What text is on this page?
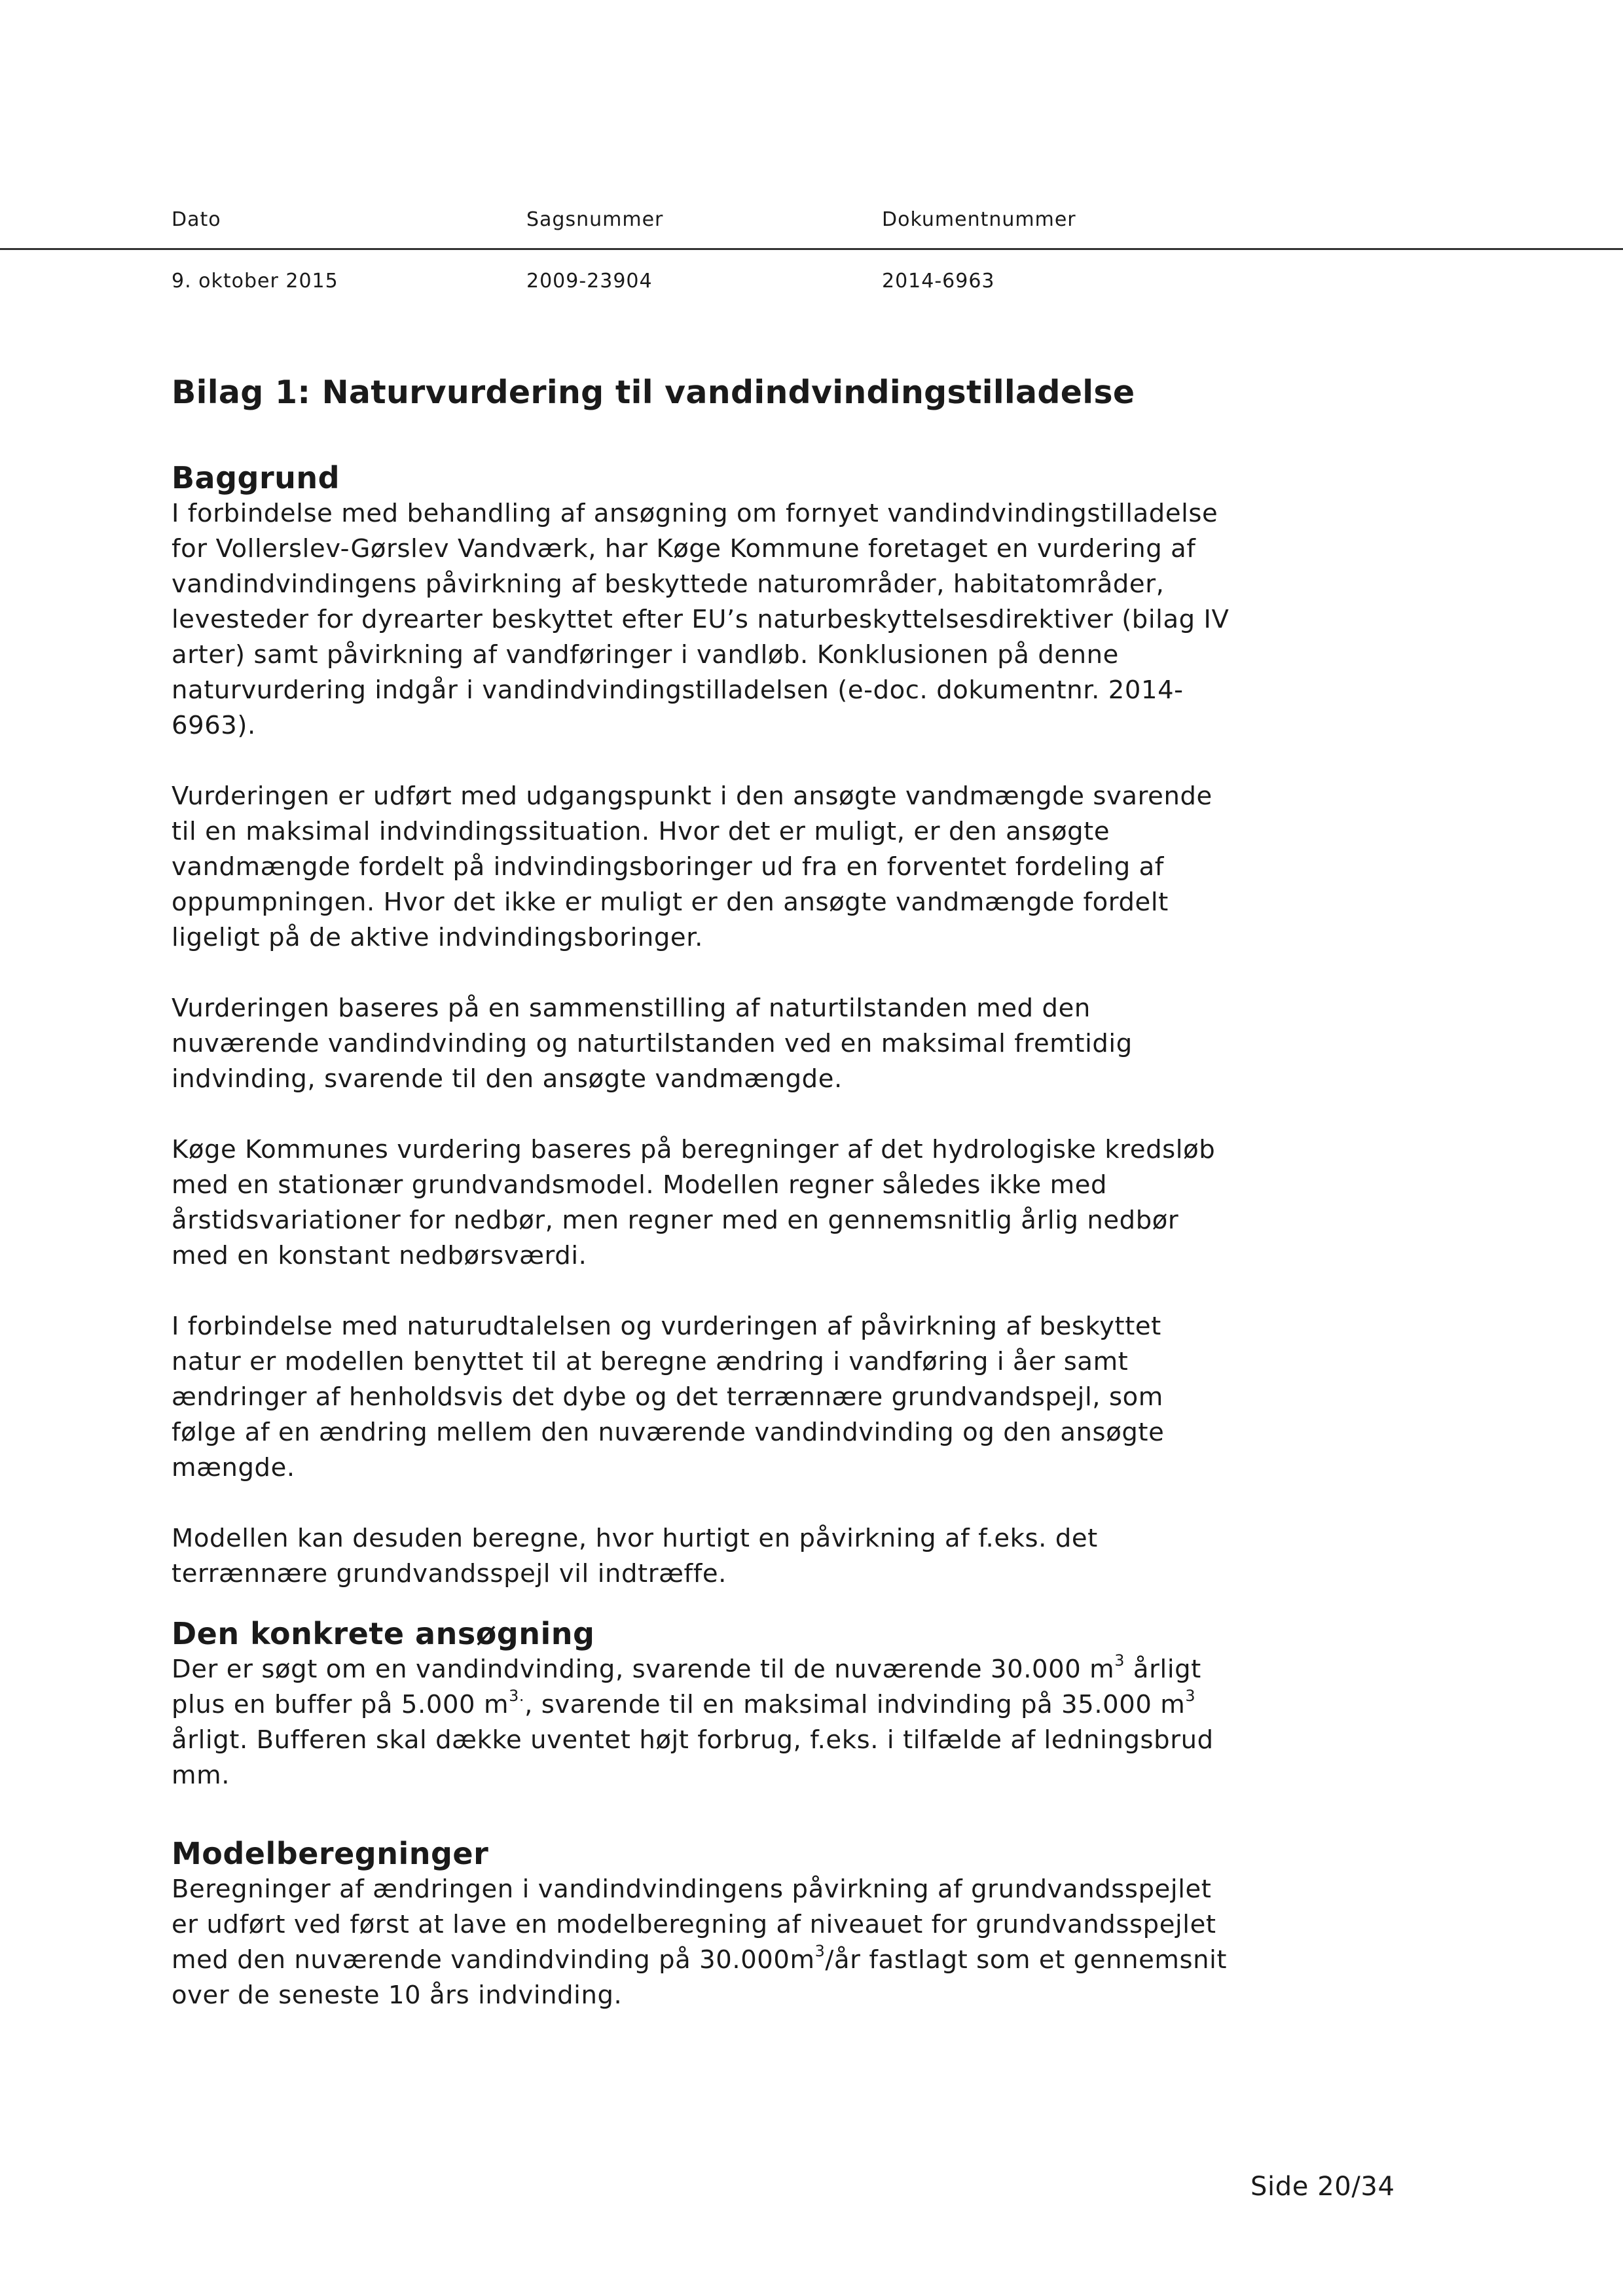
Dato	Sagsnummer	Dokumentnummer
9. oktober 2015	2009-23904	2014-6963
Bilag 1: Naturvurdering til vandindvindingstilladelse
Baggrund

I forbindelse med behandling af ansøgning om fornyet vandindvindingstilladelse for Vollerslev-Gørslev Vandværk, har Køge Kommune foretaget en vurdering af vandindvindingens påvirkning af beskyttede naturområder, habitatområder, levesteder for dyrearter beskyttet efter EU’s naturbeskyttelsesdirektiver (bilag IV arter) samt påvirkning af vandføringer i vandløb. Konklusionen på denne naturvurdering indgår i vandindvindingstilladelsen (e-doc. dokumentnr. 2014-6963).

Vurderingen er udført med udgangspunkt i den ansøgte vandmængde svarende til en maksimal indvindingssituation. Hvor det er muligt, er den ansøgte vandmængde fordelt på indvindingsboringer ud fra en forventet fordeling af oppumpningen. Hvor det ikke er muligt er den ansøgte vandmængde fordelt ligeligt på de aktive indvindingsboringer.

Vurderingen baseres på en sammenstilling af naturtilstanden med den nuværende vandindvinding og naturtilstanden ved en maksimal fremtidig indvinding, svarende til den ansøgte vandmængde.

Køge Kommunes vurdering baseres på beregninger af det hydrologiske kredsløb med en stationær grundvandsmodel. Modellen regner således ikke med årstidsvariationer for nedbør, men regner med en gennemsnitlig årlig nedbør med en konstant nedbørsværdi.

I forbindelse med naturudtalelsen og vurderingen af påvirkning af beskyttet natur er modellen benyttet til at beregne ændring i vandføring i åer samt ændringer af henholdsvis det dybe og det terrænnære grundvandspejl, som følge af en ændring mellem den nuværende vandindvinding og den ansøgte mængde.

Modellen kan desuden beregne, hvor hurtigt en påvirkning af f.eks. det terrænnære grundvandsspejl vil indtræffe.

Den konkrete ansøgning

Der er søgt om en vandindvinding, svarende til de nuværende 30.000 $m^3$ årligt plus en buffer på 5.000 $m^{3.}$, svarende til en maksimal indvinding på 35.000 $m^3$ årligt. Bufferen skal dække uventet højt forbrug, f.eks. i tilfælde af ledningsbrud mm.

Modelberegninger

Beregninger af ændringen i vandindvindingens påvirkning af grundvandsspejlet er udført ved først at lave en modelberegning af niveauet for grundvandsspejlet med den nuværende vandindvinding på $30.000m^3/år$ fastlagt som et gennemsnit over de seneste 10 års indvinding.

Side 20/34
